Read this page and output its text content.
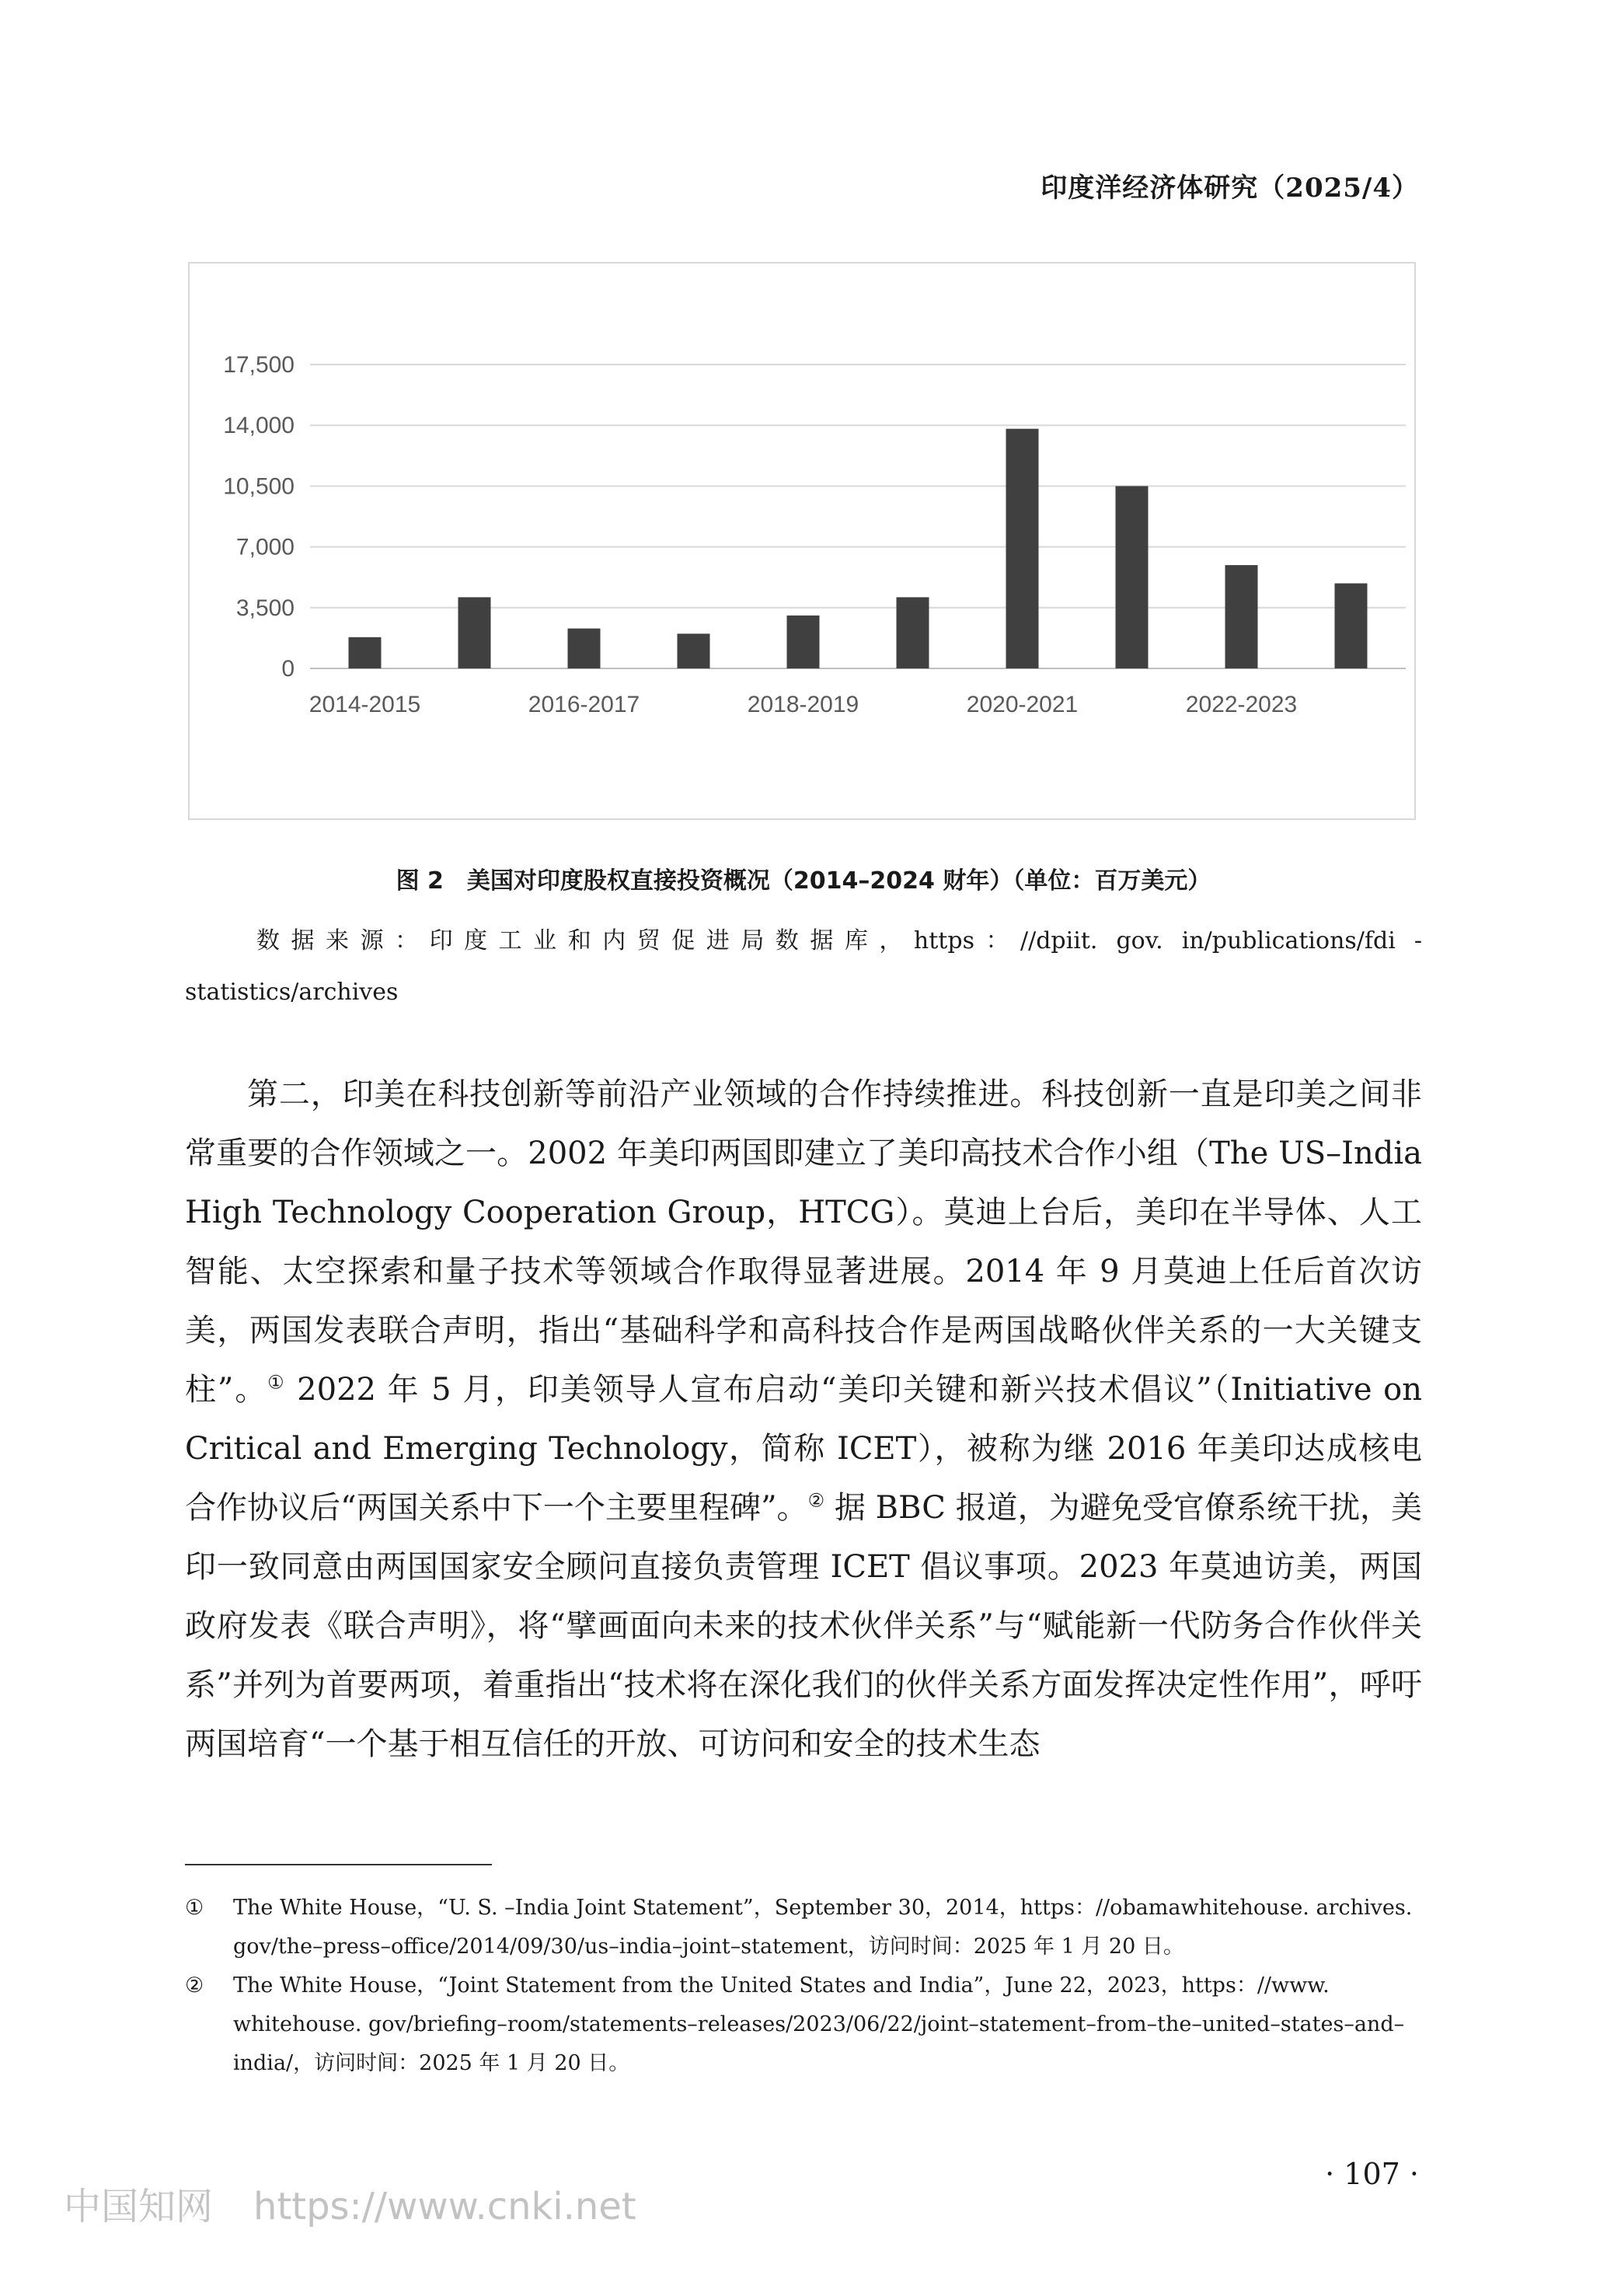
印度洋经济体研究（2025/4）
0
3,500
7,000
10,500
14,000
17,500
2014-2015	2016-2017	2018-2019	2020-2021	2022-2023
图 2　美国对印度股权直接投资概况（2014–2024 财年）（单位：百万美元）
数据来源：印度工业和内贸促进局数据库，https：//dpiit. gov. in/publications/fdi -
statistics/archives

第二，印美在科技创新等前沿产业领域的合作持续推进。科技创新一直是印美之间非常重要的合作领域之一。2002 年美印两国即建立了美印高技术合作小组（The US–India High Technology Cooperation Group，HTCG）。莫迪上台后，美印在半导体、人工智能、太空探索和量子技术等领域合作取得显著进展。2014 年 9 月莫迪上任后首次访美，两国发表联合声明，指出“基础科学和高科技合作是两国战略伙伴关系的一大关键支柱”。① 2022 年 5 月，印美领导人宣布启动“美印关键和新兴技术倡议”（Initiative on Critical and Emerging Technology，简称 ICET），被称为继 2016 年美印达成核电合作协议后“两国关系中下一个主要里程碑”。② 据 BBC 报道，为避免受官僚系统干扰，美印一致同意由两国国家安全顾问直接负责管理 ICET 倡议事项。2023 年莫迪访美，两国政府发表《联合声明》，将“擘画面向未来的技术伙伴关系”与“赋能新一代防务合作伙伴关系”并列为首要两项，着重指出“技术将在深化我们的伙伴关系方面发挥决定性作用”，呼吁两国培育“一个基于相互信任的开放、可访问和安全的技术生态

① The White House，“U. S. –India Joint Statement”，September 30，2014，https：//obamawhitehouse. archives. gov/the–press–office/2014/09/30/us–india–joint–statement，访问时间：2025 年 1 月 20 日。
② The White House，“Joint Statement from the United States and India”，June 22，2023，https：//www. whitehouse. gov/briefing–room/statements–releases/2023/06/22/joint–statement–from–the–united–states–and–india/，访问时间：2025 年 1 月 20 日。
· 107 ·
中国知网 https://www.cnki.net
